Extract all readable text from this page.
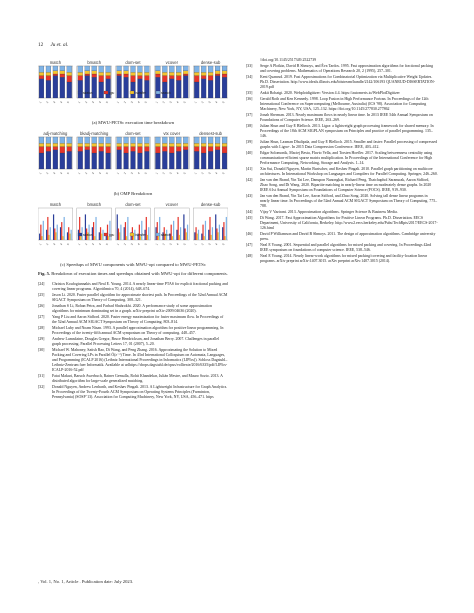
12 Ju et. al.
match
1 2 3 4 5
bmatch
1 2 3 4 5
dom-set
1 2 3 4 5
vcover
1 2 3 4 5
dense-sub
1 2 3 4 5
stratus	gpu	transfer	search
(a) MWU-PETSc execution time breakdown
adj-matching
1 2 3 4 5
bkadj-matching
1 2 3 4 5
dom-set
1 2 3 4 5
vtx cover
1 2 3 4 5
densest-sub
1 2 3 4 5
(b) OMP Breakdown
match
1 2 3 4 5
bmatch
1 2 3 4 5
dom-set
1 2 3 4 5
vcover
1 2 3 4 5
dense-sub
1 2 3 4 5
stratus	gpu	transfer	search
(c) Speedups of MWU components with MWU-opt compared to MWU-PETSc
Fig. 5. Breakdown of execution times and speedups obtained with MWU-opt for different components.
[24]	Christos Koufogiannakis and Neal E. Young. 2014. A nearly linear-time PTAS for explicit fractional packing and covering linear programs. Algorithmica 70, 4 (2014), 648–674.
[25]	Jason Li. 2020. Faster parallel algorithm for approximate shortest path. In Proceedings of the 52nd Annual ACM SIGACT Symposium on Theory of Computing. 308–321.
[26]	Jonathan S Li, Rohan Petra, and Farhad Shahrokhi. 2020. A performance study of some approximation algorithms for minimum dominating set in a graph. arXiv preprint arXiv:2009.04636 (2020).
[27]	Yang P Liu and Aaron Sidford. 2020. Faster energy maximization for faster maximum flow. In Proceedings of the 52nd Annual ACM SIGACT Symposium on Theory of Computing. 803–814.
[28]	Michael Luby and Noam Nisan. 1993. A parallel approximation algorithm for positive linear programming. In Proceedings of the twenty-fifth annual ACM symposium on Theory of computing. 448–457.
[29]	Andrew Lumsdaine, Douglas Gregor, Bruce Hendrickson, and Jonathan Berry. 2007. Challenges in parallel graph processing. Parallel Processing Letters 17, 01 (2007), 5–20.
[30]	Michael W. Mahoney, Satish Rao, Di Wang, and Peng Zhang. 2016. Approximating the Solution to Mixed Packing and Covering LPs in Parallel Õ(ε⁻³) Time. In 43rd International Colloquium on Automata, Languages, and Programming (ICALP 2016) (Leibniz International Proceedings in Informatics (LIPIcs)). Schloss Dagstuhl–Leibniz-Zentrum fuer Informatik. Available at urlhttps://drops.dagstuhl.de/opus/volltexte/2016/6335/pdf/LIPIcs-ICALP-2016-52.pdf
[31]	Fatai Makari, Baruch Awerbuch, Rainer Gemulla, Rohit Khandekar, Julián Mestre, and Mauro Sozio. 2013. A distributed algorithm for large-scale generalized matching.
[32]	Donald Nguyen, Andrew Lenharth, and Keshav Pingali. 2013. A Lightweight Infrastructure for Graph Analytics. In Proceedings of the Twenty-Fourth ACM Symposium on Operating Systems Principles (Farminton, Pennsylvania) (SOSP '13). Association for Computing Machinery, New York, NY, USA, 456–471. https
//doi.org/10.1145/2517349.2522739
[33]	Serge A Plotkin, David B Shmoys, and Éva Tardos. 1995. Fast approximation algorithms for fractional packing and covering problems. Mathematics of Operations Research 20, 2 (1995), 257–301.
[34]	Kent Quanrud. 2019. Fast Approximations for Combinatorial Optimization via Multiplicative Weight Updates. Ph.D. Dissertation. http://www.ideals.illinois.edu/bitstream/handle/2142/106193 QUANRUD-DISSERTATION-2019.pdf
[35]	Ankit Rohatgi. 2020. Webplotdigitizer: Version 4.4. https://automeris.io/WebPlotDigitizer
[36]	Gerald Roth and Ken Kennedy. 1998. Loop Fusion in High Performance Fortran. In Proceedings of the 12th International Conference on Supercomputing (Melbourne, Australia) (ICS '98). Association for Computing Machinery, New York, NY, USA, 125–132. https://doi.org/10.1145/277830.277862
[37]	Jonah Sherman. 2013. Nearly maximum flows in nearly linear time. In 2013 IEEE 54th Annual Symposium on Foundations of Computer Science. IEEE, 263–269.
[38]	Julian Shun and Guy E Blelloch. 2013. Ligra: a lightweight graph processing framework for shared memory. In Proceedings of the 18th ACM SIGPLAN symposium on Principles and practice of parallel programming. 135–146.
[39]	Julian Shun, Laxman Dhulipala, and Guy E Blelloch. 2015. Smaller and faster: Parallel processing of compressed graphs with Ligra+. In 2015 Data Compression Conference. IEEE, 403–412.
[40]	Edgar Solomonik, Maciej Besta, Flavio Vella, and Torsten Hoefler. 2017. Scaling betweenness centrality using communication-efficient sparse matrix multiplication. In Proceedings of the International Conference for High Performance Computing, Networking, Storage and Analysis. 1–14.
[41]	Xin Sui, Donald Nguyen, Martin Burtscher, and Keshav Pingali. 2010. Parallel graph partitioning on multicore architectures. In International Workshop on Languages and Compilers for Parallel Computing. Springer, 246–260.
[42]	Jan van den Brand, Yin Tat Lee, Danupon Nanongkai, Richard Peng, Thatchaphol Saranurak, Aaron Sidford, Zhao Song, and Di Wang. 2020. Bipartite matching in nearly-linear time on moderately dense graphs. In 2020 IEEE 61st Annual Symposium on Foundations of Computer Science (FOCS). IEEE, 919–930.
[43]	Jan van den Brand, Yin Tat Lee, Aaron Sidford, and Zhao Song. 2020. Solving tall dense linear programs in nearly linear time. In Proceedings of the 52nd Annual ACM SIGACT Symposium on Theory of Computing. 775–788.
[44]	Vijay V Vazirani. 2013. Approximation algorithms. Springer Science & Business Media.
[45]	Di Wang. 2017. Fast Approximation Algorithms for Positive Linear Programs. Ph.D. Dissertation. EECS Department, University of California, Berkeley. http://www2.eecs.berkeley.edu/Pubs/TechRpts/2017/EECS-2017-126.html
[46]	David P Williamson and David B Shmoys. 2011. The design of approximation algorithms. Cambridge university press.
[47]	Neal E Young. 2001. Sequential and parallel algorithms for mixed packing and covering. In Proceedings 42nd IEEE symposium on foundations of computer science. IEEE, 538–546.
[48]	Neal E Young. 2014. Nearly linear-work algorithms for mixed packing/covering and facility-location linear programs. arXiv preprint arXiv:1407.3015. arXiv preprint arXiv:1407.3015 (2014).
, Vol. 1, No. 1, Article . Publication date: July 2023.
